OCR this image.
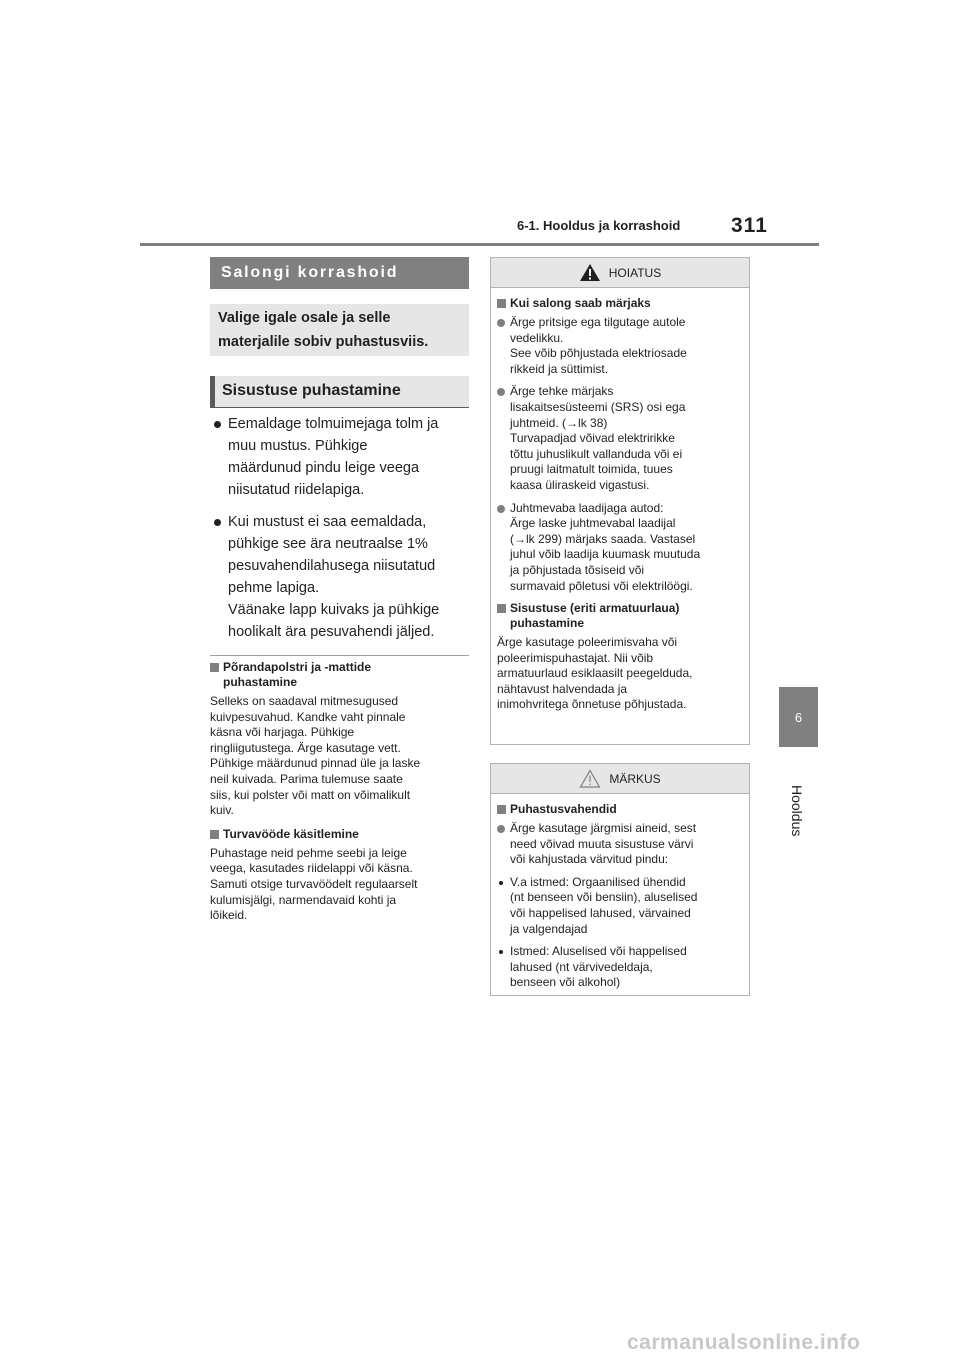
6-1. Hooldus ja korrashoid 311
6
Hooldus
Salongi korrashoid
Valige igale osale ja selle materjalile sobiv puhastusviis.
Sisustuse puhastamine

Eemaldage tolmuimejaga tolm ja

muu mustus. Pühkige

määrdunud pindu leige veega

niisutatud riidelapiga.

Kui mustust ei saa eemaldada,

pühkige see ära neutraalse 1%

pesuvahendilahusega niisutatud

pehme lapiga.

Väänake lapp kuivaks ja pühkige

hoolikalt ära pesuvahendi jäljed.

Põrandapolstri ja -mattide
puhastamine
Selleks on saadaval mitmesugused
kuivpesuvahud. Kandke vaht pinnale
käsna või harjaga. Pühkige
ringliigutustega. Ärge kasutage vett.
Pühkige määrdunud pinnad üle ja laske
neil kuivada. Parima tulemuse saate
siis, kui polster või matt on võimalikult
kuiv.
Turvavööde käsitlemine
Puhastage neid pehme seebi ja leige
veega, kasutades riidelappi või käsna.
Samuti otsige turvavöödelt regulaarselt
kulumisjälgi, narmendavaid kohti ja
lõikeid.
HOIATUS
Kui salong saab märjaks

Ärge pritsige ega tilgutage autole

vedelikku.

See võib põhjustada elektriosade

rikkeid ja süttimist.

Ärge tehke märjaks

lisakaitsesüsteemi (SRS) osi ega

juhtmeid. (→lk 38)

Turvapadjad võivad elektririkke

tõttu juhuslikult vallanduda või ei

pruugi laitmatult toimida, tuues

kaasa üliraskeid vigastusi.

Juhtmevaba laadijaga autod:

Ärge laske juhtmevabal laadijal

(→lk 299) märjaks saada. Vastasel

juhul võib laadija kuumask muutuda

ja põhjustada tõsiseid või

surmavaid põletusi või elektrilöögi.

Sisustuse (eriti armatuurlaua)
puhastamine
Ärge kasutage poleerimisvaha või
poleerimispuhastajat. Nii võib
armatuurlaud esiklaasilt peegelduda,
nähtavust halvendada ja
inimohvritega õnnetuse põhjustada.
MÄRKUS
Puhastusvahendid

Ärge kasutage järgmisi aineid, sest

need võivad muuta sisustuse värvi

või kahjustada värvitud pindu:

V.a istmed: Orgaanilised ühendid

(nt benseen või bensiin), aluselised

või happelised lahused, värvained

ja valgendajad

Istmed: Aluselised või happelised

lahused (nt värvivedeldaja,

benseen või alkohol)

carmanualsonline.info
